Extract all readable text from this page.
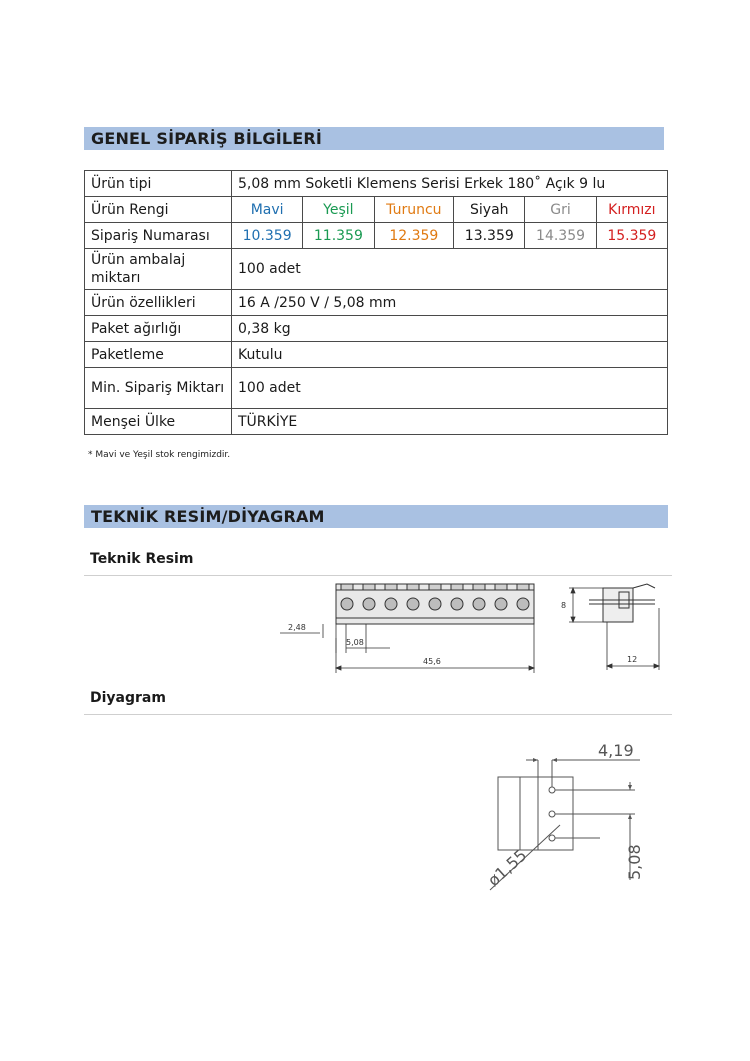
GENEL SİPARİŞ BİLGİLERİ
Ürün tipi	5,08 mm Soketli Klemens Serisi Erkek 180˚ Açık 9 lu					
Ürün Rengi	Mavi	Yeşil	Turuncu	Siyah	Gri	Kırmızı
Sipariş Numarası	10.359	11.359	12.359	13.359	14.359	15.359
Ürün ambalaj miktarı	100 adet					
Ürün özellikleri	16 A /250 V / 5,08 mm					
Paket ağırlığı	0,38 kg					
Paketleme	Kutulu					
Min. Sipariş Miktarı	100 adet					
Menşei Ülke	TÜRKİYE					
* Mavi ve Yeşil stok rengimizdir.
TEKNİK RESİM/DİYAGRAM
Teknik Resim
2,48
5,08
45,6
8
12
Diyagram
4,19
5,08
ø1,55
